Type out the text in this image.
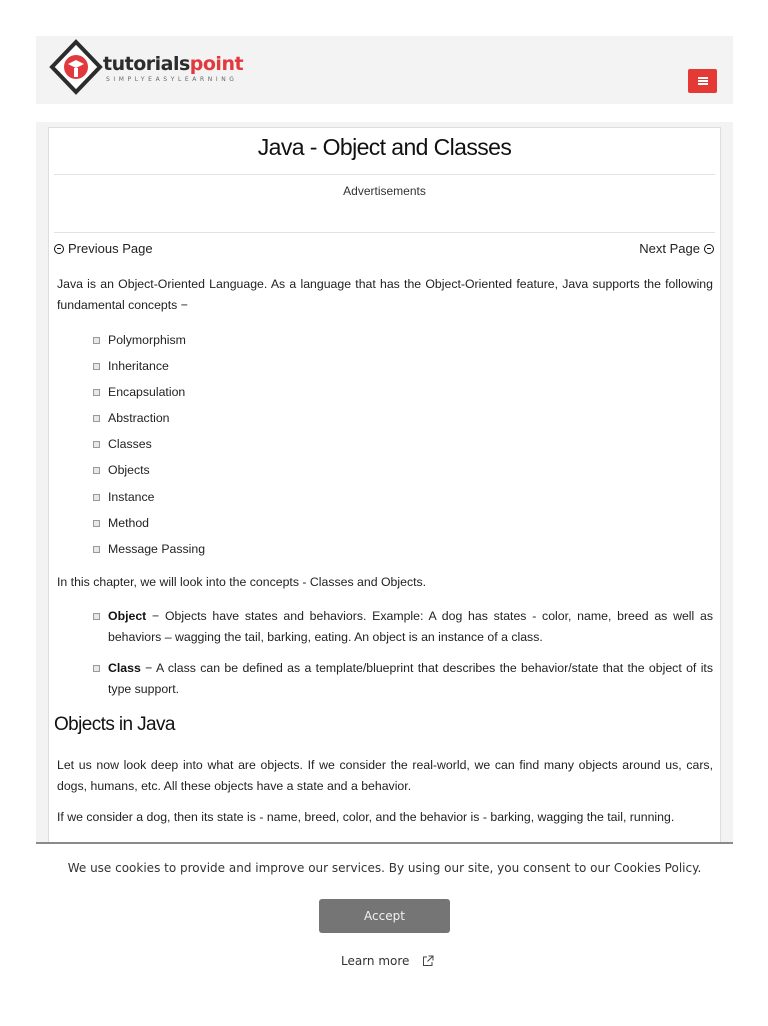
tutorialspoint
SIMPLYEASYLEARNING
Java - Object and Classes
Advertisements
Previous Page	Next Page
Java is an Object-Oriented Language. As a language that has the Object-Oriented feature, Java supports the following fundamental concepts −
Polymorphism
Inheritance
Encapsulation
Abstraction
Classes
Objects
Instance
Method
Message Passing
In this chapter, we will look into the concepts - Classes and Objects.
Object − Objects have states and behaviors. Example: A dog has states - color, name, breed as well as behaviors – wagging the tail, barking, eating. An object is an instance of a class.
Class − A class can be defined as a template/blueprint that describes the behavior/state that the object of its type support.
Objects in Java
Let us now look deep into what are objects. If we consider the real-world, we can find many objects around us, cars, dogs, humans, etc. All these objects have a state and a behavior.
If we consider a dog, then its state is - name, breed, color, and the behavior is - barking, wagging the tail, running.
We use cookies to provide and improve our services. By using our site, you consent to our Cookies Policy.
Accept
Learn more
